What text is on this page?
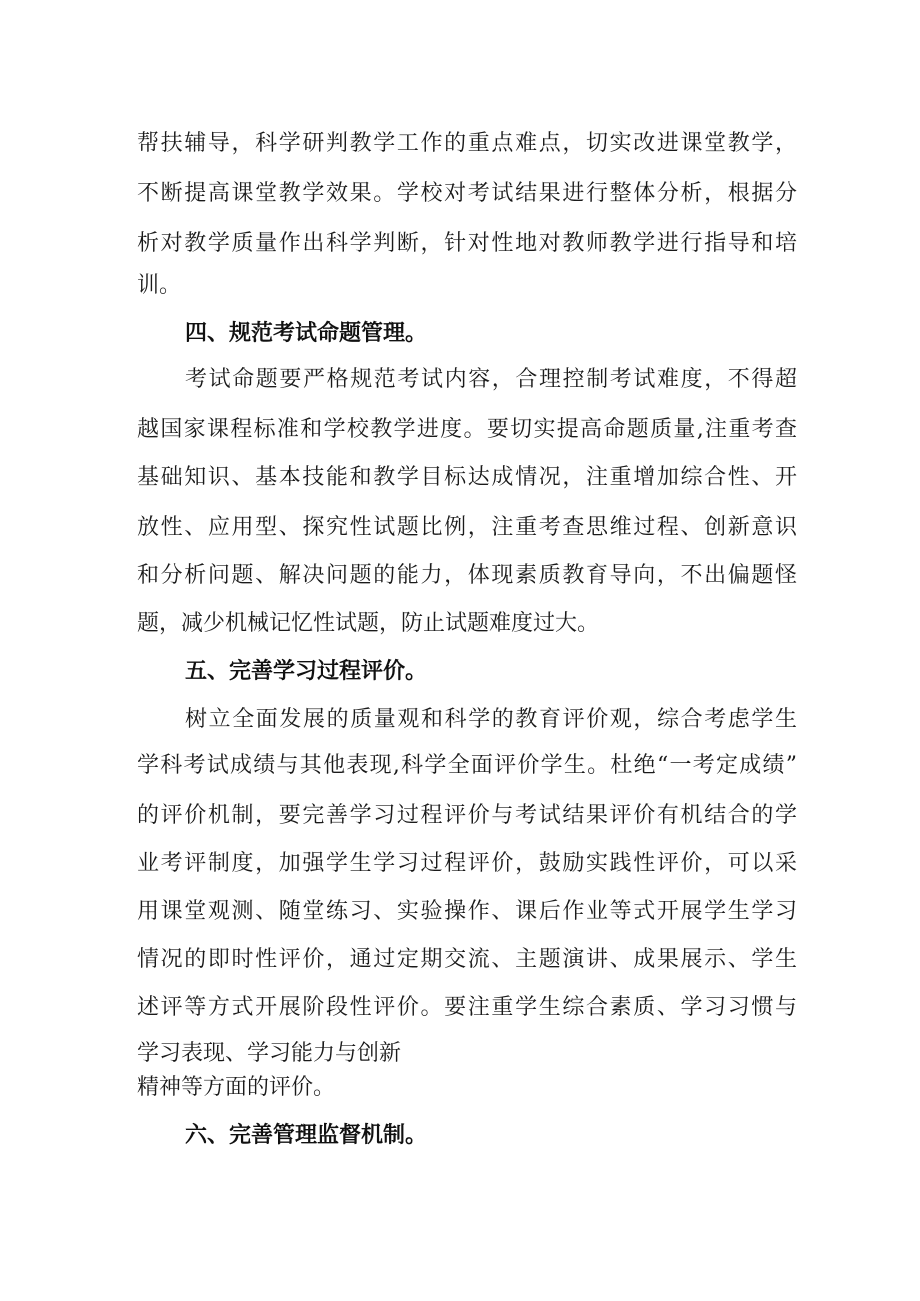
帮扶辅导，科学研判教学工作的重点难点，切实改进课堂教学，
不断提高课堂教学效果。学校对考试结果进行整体分析，根据分
析对教学质量作出科学判断，针对性地对教师教学进行指导和培
训。
四、规范考试命题管理。
考试命题要严格规范考试内容，合理控制考试难度，不得超
越国家课程标准和学校教学进度。要切实提高命题质量,注重考查
基础知识、基本技能和教学目标达成情况，注重增加综合性、开
放性、应用型、探究性试题比例，注重考查思维过程、创新意识
和分析问题、解决问题的能力，体现素质教育导向，不出偏题怪
题，减少机械记忆性试题，防止试题难度过大。
五、完善学习过程评价。
树立全面发展的质量观和科学的教育评价观，综合考虑学生
学科考试成绩与其他表现,科学全面评价学生。杜绝“一考定成绩”
的评价机制，要完善学习过程评价与考试结果评价有机结合的学
业考评制度，加强学生学习过程评价，鼓励实践性评价，可以采
用课堂观测、随堂练习、实验操作、课后作业等式开展学生学习
情况的即时性评价，通过定期交流、主题演讲、成果展示、学生
述评等方式开展阶段性评价。要注重学生综合素质、学习习惯与
学习表现、学习能力与创新
精神等方面的评价。
六、完善管理监督机制。
